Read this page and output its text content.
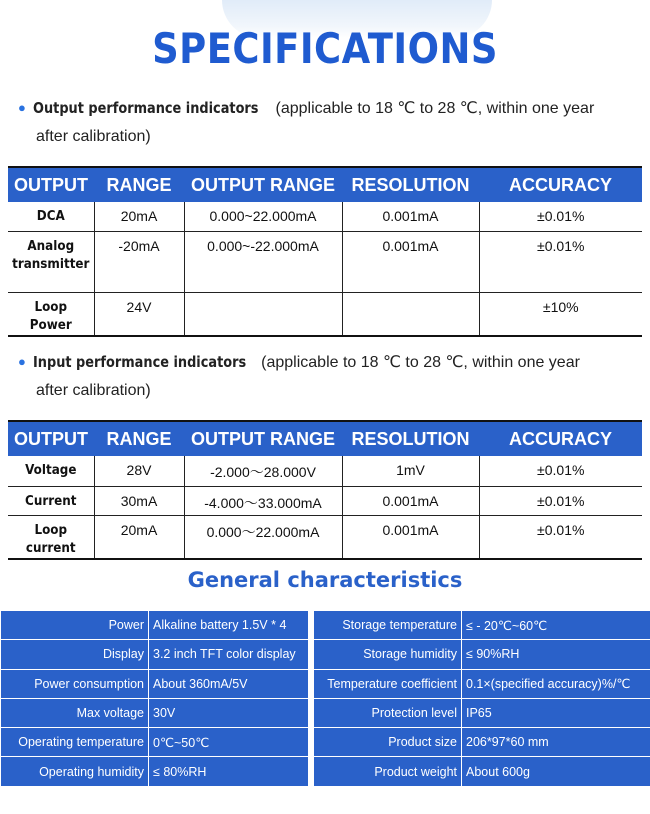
SPECIFICATIONS
● Output performance indicators (applicable to 18 ℃ to 28 ℃, within one year
after calibration)
OUTPUT	RANGE	OUTPUT RANGE	RESOLUTION	ACCURACY
DCA	20mA	0.000~22.000mA	0.001mA	±0.01%
Analog transmitter	-20mA	0.000~-22.000mA	0.001mA	±0.01%
Loop Power	24V			±10%
● Input performance indicators (applicable to 18 ℃ to 28 ℃, within one year
after calibration)
OUTPUT	RANGE	OUTPUT RANGE	RESOLUTION	ACCURACY
Voltage	28V	-2.000〜28.000V	1mV	±0.01%
Current	30mA	-4.000〜33.000mA	0.001mA	±0.01%
Loop current	20mA	0.000〜22.000mA	0.001mA	±0.01%
General characteristics
Power	Alkaline battery 1.5V * 4
Display	3.2 inch TFT color display
Power consumption	About 360mA/5V
Max voltage	30V
Operating temperature	0℃~50℃
Operating humidity	≤ 80%RH
Storage temperature	≤ - 20℃~60℃
Storage humidity	≤ 90%RH
Temperature coefficient	0.1×(specified accuracy)%/℃
Protection level	IP65
Product size	206*97*60 mm
Product weight	About 600g
